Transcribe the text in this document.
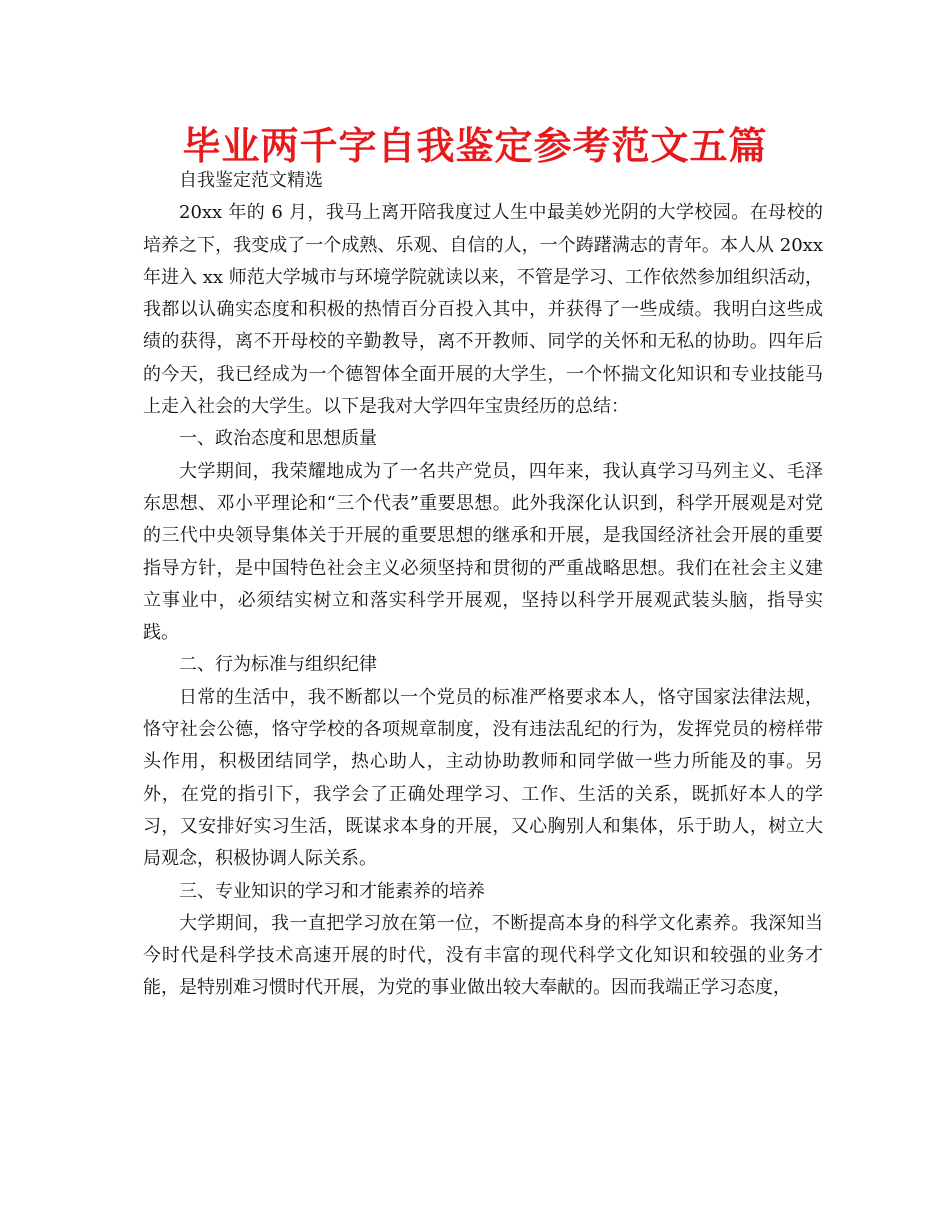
毕业两千字自我鉴定参考范文五篇

自我鉴定范文精选

20xx 年的 6 月，我马上离开陪我度过人生中最美妙光阴的大学校园。在母校的培养之下，我变成了一个成熟、乐观、自信的人，一个踌躇满志的青年。本人从 20xx 年进入 xx 师范大学城市与环境学院就读以来，不管是学习、工作依然参加组织活动，我都以认确实态度和积极的热情百分百投入其中，并获得了一些成绩。我明白这些成绩的获得，离不开母校的辛勤教导，离不开教师、同学的关怀和无私的协助。四年后的今天，我已经成为一个德智体全面开展的大学生，一个怀揣文化知识和专业技能马上走入社会的大学生。以下是我对大学四年宝贵经历的总结：

一、政治态度和思想质量

大学期间，我荣耀地成为了一名共产党员，四年来，我认真学习马列主义、毛泽东思想、邓小平理论和“三个代表”重要思想。此外我深化认识到，科学开展观是对党的三代中央领导集体关于开展的重要思想的继承和开展，是我国经济社会开展的重要指导方针，是中国特色社会主义必须坚持和贯彻的严重战略思想。我们在社会主义建立事业中，必须结实树立和落实科学开展观，坚持以科学开展观武装头脑，指导实践。

二、行为标准与组织纪律

日常的生活中，我不断都以一个党员的标准严格要求本人，恪守国家法律法规，恪守社会公德，恪守学校的各项规章制度，没有违法乱纪的行为，发挥党员的榜样带头作用，积极团结同学，热心助人，主动协助教师和同学做一些力所能及的事。另外，在党的指引下，我学会了正确处理学习、工作、生活的关系，既抓好本人的学习，又安排好实习生活，既谋求本身的开展，又心胸别人和集体，乐于助人，树立大局观念，积极协调人际关系。

三、专业知识的学习和才能素养的培养

大学期间，我一直把学习放在第一位，不断提高本身的科学文化素养。我深知当今时代是科学技术高速开展的时代，没有丰富的现代科学文化知识和较强的业务才能，是特别难习惯时代开展，为党的事业做出较大奉献的。因而我端正学习态度，
